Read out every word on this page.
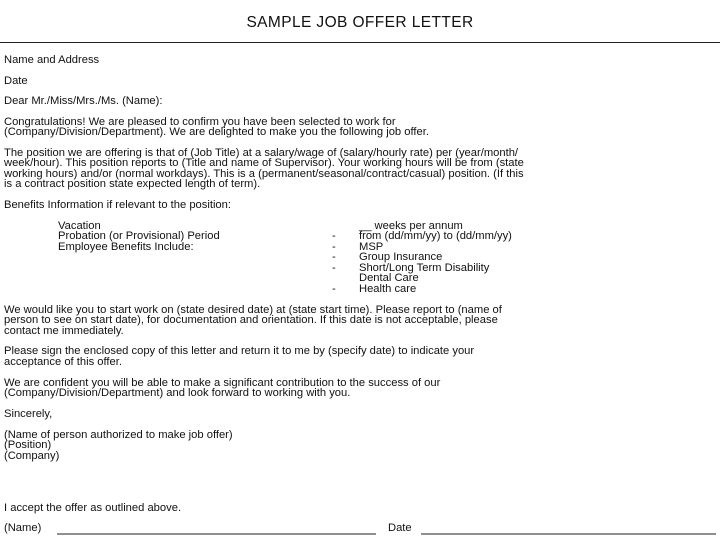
SAMPLE JOB OFFER LETTER
Name and Address
Date
Dear Mr./Miss/Mrs./Ms. (Name):
Congratulations! We are pleased to confirm you have been selected to work for
(Company/Division/Department). We are delighted to make you the following job offer.
The position we are offering is that of (Job Title) at a salary/wage of (salary/hourly rate) per (year/month/
week/hour). This position reports to (Title and name of Supervisor). Your working hours will be from (state
working hours) and/or (normal workdays). This is a (permanent/seasonal/contract/casual) position. (If this
is a contract position state expected length of term).
Benefits Information if relevant to the position:
Vacation	__ weeks per annum
Probation (or Provisional) Period	- from (dd/mm/yy) to (dd/mm/yy)
Employee Benefits Include:	- MSP
- Group Insurance
- Short/Long Term Disability
Dental Care
- Health care
We would like you to start work on (state desired date) at (state start time). Please report to (name of
person to see on start date), for documentation and orientation. If this date is not acceptable, please
contact me immediately.
Please sign the enclosed copy of this letter and return it to me by (specify date) to indicate your
acceptance of this offer.
We are confident you will be able to make a significant contribution to the success of our
(Company/Division/Department) and look forward to working with you.
Sincerely,
(Name of person authorized to make job offer)
(Position)
(Company)
I accept the offer as outlined above.
(Name)	Date
